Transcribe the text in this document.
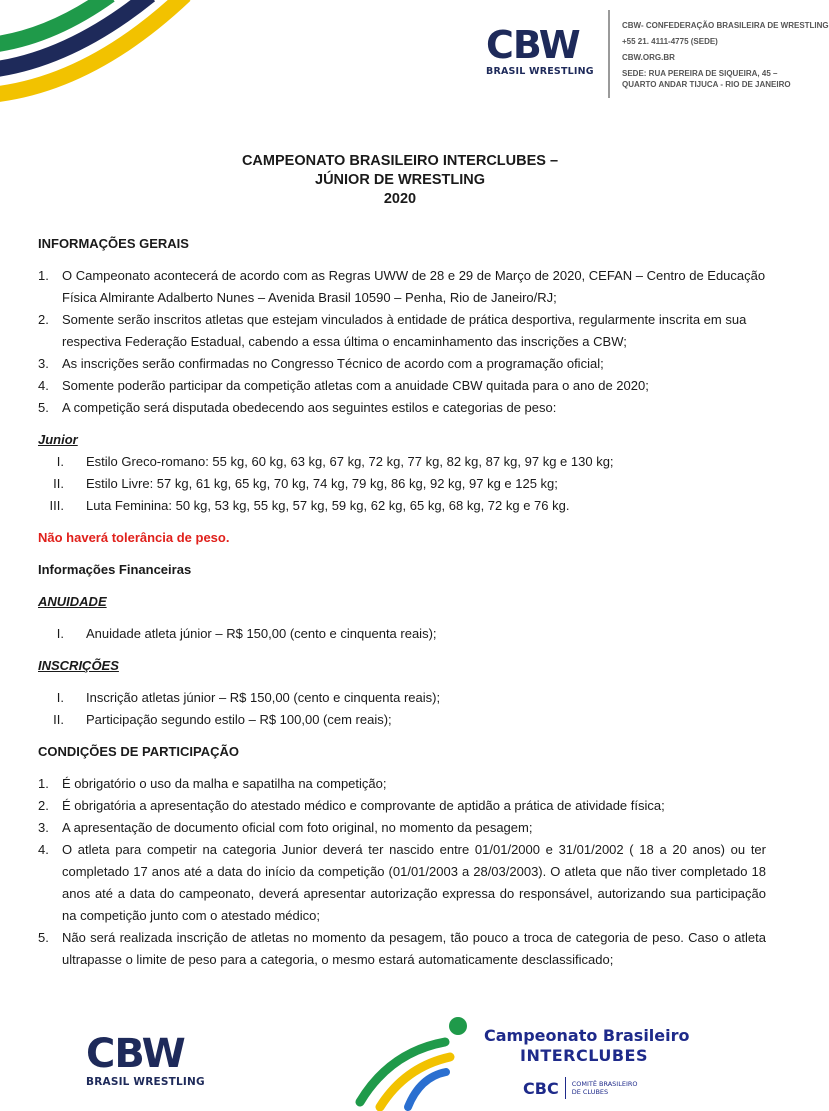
CBW
BRASIL WRESTLING
CBW- CONFEDERAÇÃO BRASILEIRA DE WRESTLING
+55 21. 4111-4775 (SEDE)
CBW.ORG.BR
SEDE: RUA PEREIRA DE SIQUEIRA, 45 – QUARTO ANDAR TIJUCA - RIO DE JANEIRO
CAMPEONATO BRASILEIRO INTERCLUBES –
JÚNIOR DE WRESTLING
2020
INFORMAÇÕES GERAIS
1. O Campeonato acontecerá de acordo com as Regras UWW de 28 e 29 de Março de 2020, CEFAN – Centro de Educação Física Almirante Adalberto Nunes – Avenida Brasil 10590 – Penha, Rio de Janeiro/RJ;
2. Somente serão inscritos atletas que estejam vinculados à entidade de prática desportiva, regularmente inscrita em sua respectiva Federação Estadual, cabendo a essa última o encaminhamento das inscrições a CBW;
3. As inscrições serão confirmadas no Congresso Técnico de acordo com a programação oficial;
4. Somente poderão participar da competição atletas com a anuidade CBW quitada para o ano de 2020;
5. A competição será disputada obedecendo aos seguintes estilos e categorias de peso:
Junior
I. Estilo Greco-romano: 55 kg, 60 kg, 63 kg, 67 kg, 72 kg, 77 kg, 82 kg, 87 kg, 97 kg e 130 kg;
II. Estilo Livre: 57 kg, 61 kg, 65 kg, 70 kg, 74 kg, 79 kg, 86 kg, 92 kg, 97 kg e 125 kg;
III. Luta Feminina: 50 kg, 53 kg, 55 kg, 57 kg, 59 kg, 62 kg, 65 kg, 68 kg, 72 kg e 76 kg.
Não haverá tolerância de peso.
Informações Financeiras
ANUIDADE
I. Anuidade atleta júnior – R$ 150,00 (cento e cinquenta reais);
INSCRIÇÕES
I. Inscrição atletas júnior – R$ 150,00 (cento e cinquenta reais);
II. Participação segundo estilo – R$ 100,00 (cem reais);
CONDIÇÕES DE PARTICIPAÇÃO
1. É obrigatório o uso da malha e sapatilha na competição;
2. É obrigatória a apresentação do atestado médico e comprovante de aptidão a prática de atividade física;
3. A apresentação de documento oficial com foto original, no momento da pesagem;
4. O atleta para competir na categoria Junior deverá ter nascido entre 01/01/2000 e 31/01/2002 ( 18 a 20 anos) ou ter completado 17 anos até a data do início da competição (01/01/2003 a 28/03/2003). O atleta que não tiver completado 18 anos até a data do campeonato, deverá apresentar autorização expressa do responsável, autorizando sua participação na competição junto com o atestado médico;
5. Não será realizada inscrição de atletas no momento da pesagem, tão pouco a troca de categoria de peso. Caso o atleta ultrapasse o limite de peso para a categoria, o mesmo estará automaticamente desclassificado;
CBW
BRASIL WRESTLING
Campeonato Brasileiro
INTERCLUBES
CBC COMITÊ BRASILEIRO
DE CLUBES
